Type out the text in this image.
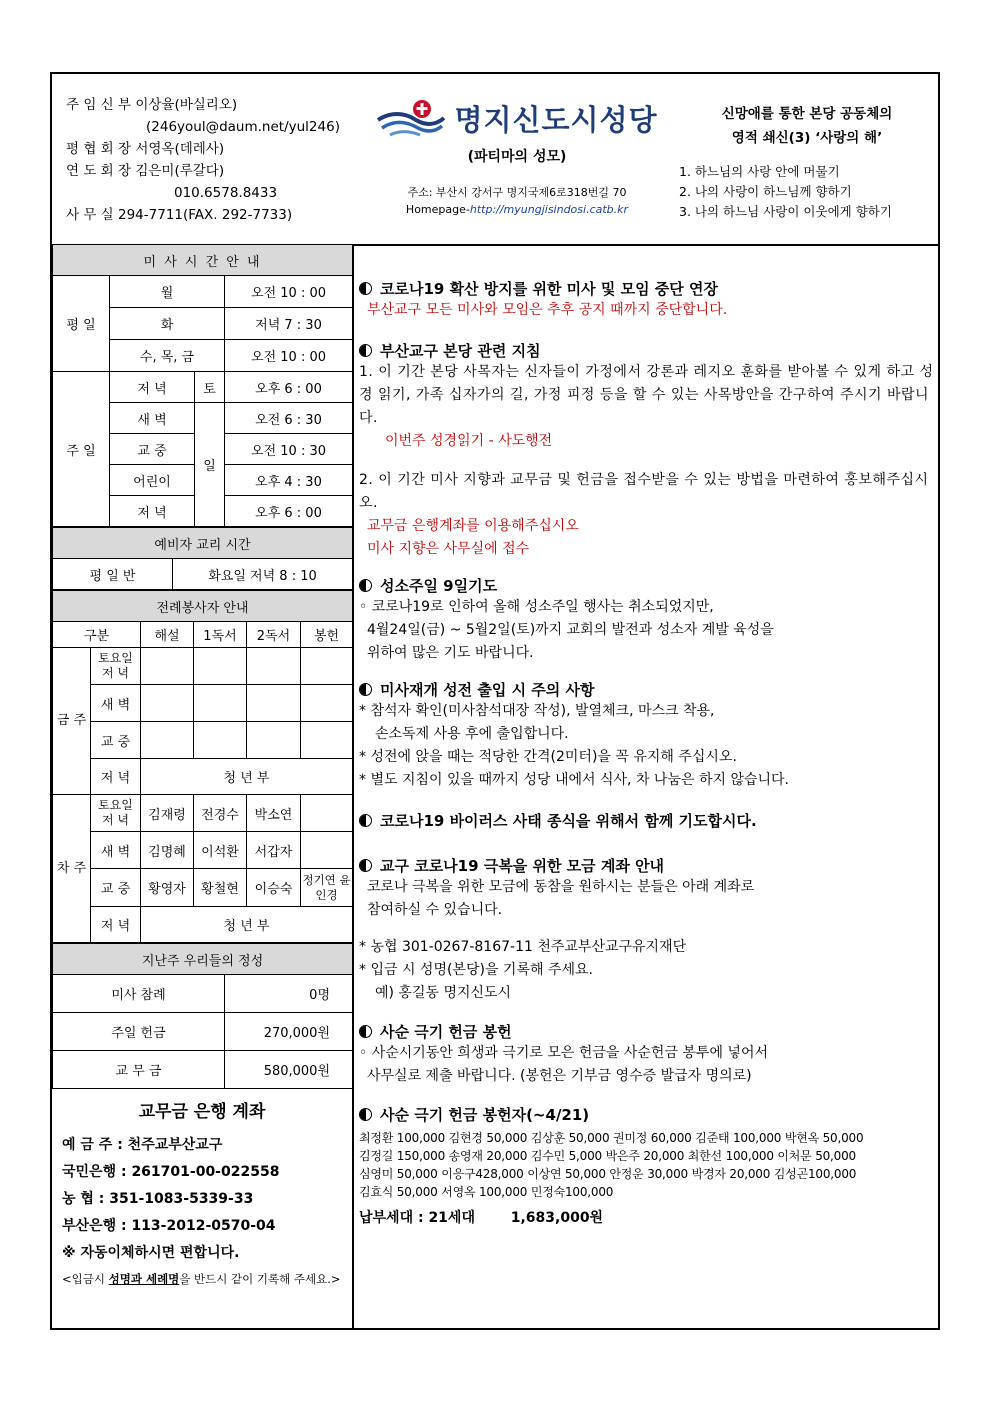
주 임 신 부 이상율(바실리오)
(246youl@daum.net/yul246)
평 협 회 장 서영옥(데레사)
연 도 회 장 김은미(루갈다)
010.6578.8433
사 무 실 294-7711(FAX. 292-7733)
명지신도시성당
(파티마의 성모)
주소: 부산시 강서구 명지국제6로318번길 70
Homepage-http://myungjisindosi.catb.kr
신망애를 통한 본당 공동체의
영적 쇄신(3) ‘사랑의 해’
1. 하느님의 사랑 안에 머물기
2. 나의 사랑이 하느님께 향하기
3. 나의 하느님 사랑이 이웃에게 향하기
미 사 시 간 안 내			
평 일	월		오전 10 : 00
	화		저녁 7 : 30
	수, 목, 금		오전 10 : 00
주 일	저 녁	토	오후 6 : 00
	새 벽	일	오전 6 : 30
	교 중		오전 10 : 30
	어린이		오후 4 : 30
	저 녁		오후 6 : 00
예비자 교리 시간
평 일 반	화요일 저녁 8 : 10
전례봉사자 안내					
구분		해설	1독서	2독서	봉헌
금 주	토요일 저 녁				
	새 벽				
	교 중				
	저 녁	청 년 부			
차 주	토요일 저 녁	김재령	전경수	박소연	
	새 벽	김명혜	이석환	서갑자	
	교 중	황영자	황철현	이승숙	정기연 윤인경
	저 녁	청 년 부			
지난주 우리들의 정성	
미사 참례	0명
주일 헌금	270,000원
교 무 금	580,000원
교무금 은행 계좌
예 금 주 : 천주교부산교구
국민은행 : 261701-00-022558
농 협 : 351-1083-5339-33
부산은행 : 113-2012-0570-04
※ 자동이체하시면 편합니다.
<입금시 성명과 세례명을 반드시 같이 기록해 주세요.>
코로나19 확산 방지를 위한 미사 및 모임 중단 연장
부산교구 모든 미사와 모임은 추후 공지 때까지 중단합니다.
부산교구 본당 관련 지침
1. 이 기간 본당 사목자는 신자들이 가정에서 강론과 레지오 훈화를 받아볼 수 있게 하고 성경 읽기, 가족 십자가의 길, 가정 피정 등을 할 수 있는 사목방안을 간구하여 주시기 바랍니다.
이번주 성경읽기 - 사도행전
2. 이 기간 미사 지향과 교무금 및 헌금을 접수받을 수 있는 방법을 마련하여 홍보해주십시오.
교무금 은행계좌를 이용해주십시오
미사 지향은 사무실에 접수
성소주일 9일기도
◦ 코로나19로 인하여 올해 성소주일 행사는 취소되었지만,
4월24일(금) ~ 5월2일(토)까지 교회의 발전과 성소자 계발 육성을
위하여 많은 기도 바랍니다.
미사재개 성전 출입 시 주의 사항
* 참석자 확인(미사참석대장 작성), 발열체크, 마스크 착용,
손소독제 사용 후에 출입합니다.
* 성전에 앉을 때는 적당한 간격(2미터)을 꼭 유지해 주십시오.
* 별도 지침이 있을 때까지 성당 내에서 식사, 차 나눔은 하지 않습니다.
코로나19 바이러스 사태 종식을 위해서 함께 기도합시다.
교구 코로나19 극복을 위한 모금 계좌 안내
코로나 극복을 위한 모금에 동참을 원하시는 분들은 아래 계좌로
참여하실 수 있습니다.
* 농협 301-0267-8167-11 천주교부산교구유지재단
* 입금 시 성명(본당)을 기록해 주세요.
예) 홍길동 명지신도시
사순 극기 헌금 봉헌
◦ 사순시기동안 희생과 극기로 모은 헌금을 사순헌금 봉투에 넣어서
사무실로 제출 바랍니다. (봉헌은 기부금 영수증 발급자 명의로)
사순 극기 헌금 봉헌자(~4/21)
최정환 100,000 김현경 50,000 김상훈 50,000 권미정 60,000 김준태 100,000 박현옥 50,000
김정길 150,000 송영재 20,000 김수민 5,000 박은주 20,000 최한선 100,000 이처문 50,000
심영미 50,000 이응구428,000 이상연 50,000 안정운 30,000 박경자 20,000 김성곤100,000
김효식 50,000 서영옥 100,000 민정숙100,000
납부세대 : 21세대	1,683,000원
